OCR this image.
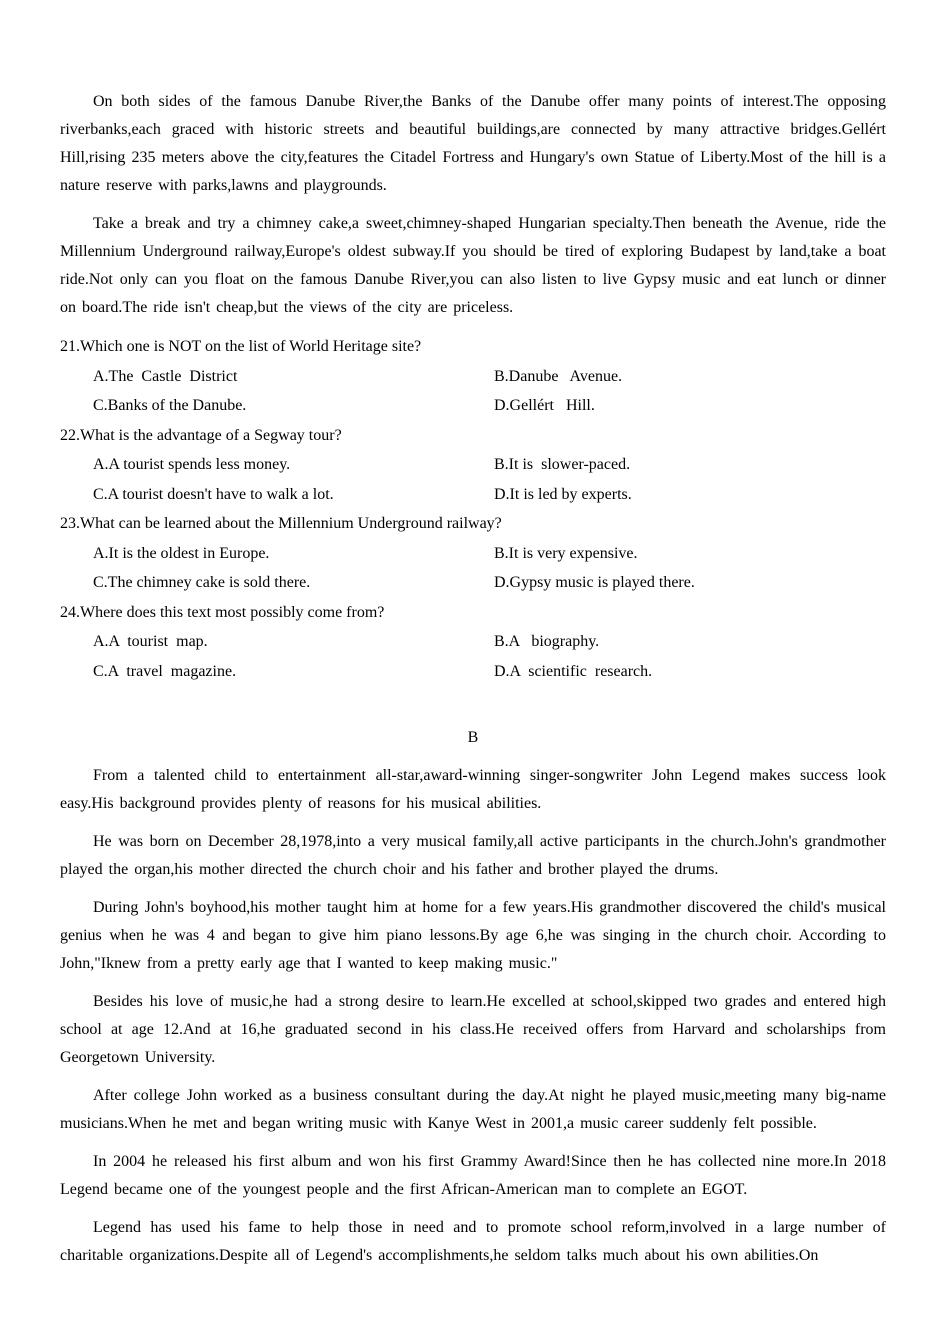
On both sides of the famous Danube River,the Banks of the Danube offer many points of interest.The opposing riverbanks,each graced with historic streets and beautiful buildings,are connected by many attractive bridges.Gellért Hill,rising 235 meters above the city,features the Citadel Fortress and Hungary's own Statue of Liberty.Most of the hill is a nature reserve with parks,lawns and playgrounds.

Take a break and try a chimney cake,a sweet,chimney-shaped Hungarian specialty.Then beneath the Avenue, ride the Millennium Underground railway,Europe's oldest subway.If you should be tired of exploring Budapest by land,take a boat ride.Not only can you float on the famous Danube River,you can also listen to live Gypsy music and eat lunch or dinner on board.The ride isn't cheap,but the views of the city are priceless.

21.Which one is NOT on the list of World Heritage site?
A.The  Castle  District	B.Danube   Avenue.
C.Banks of the Danube.	D.Gellért   Hill.
22.What is the advantage of a Segway tour?
A.A tourist spends less money.	B.It is  slower-paced.
C.A tourist doesn't have to walk a lot.	D.It is led by experts.
23.What can be learned about the Millennium Underground railway?
A.It is the oldest in Europe.	B.It is very expensive.
C.The chimney cake is sold there.	D.Gypsy music is played there.
24.Where does this text most possibly come from?
A.A  tourist  map.	B.A   biography.
C.A  travel  magazine.	D.A  scientific  research.
B

From a talented child to entertainment all-star,award-winning singer-songwriter John Legend makes success look easy.His background provides plenty of reasons for his musical abilities.

He was born on December 28,1978,into a very musical family,all active participants in the church.John's grandmother played the organ,his mother directed the church choir and his father and brother played the drums.

During John's boyhood,his mother taught him at home for a few years.His grandmother discovered the child's musical genius when he was 4 and began to give him piano lessons.By age 6,he was singing in the church choir. According to John,"Iknew from a pretty early age that I wanted to keep making music."

Besides his love of music,he had a strong desire to learn.He excelled at school,skipped two grades and entered high school at age 12.And at 16,he graduated second in his class.He received offers from Harvard and scholarships from Georgetown University.

After college John worked as a business consultant during the day.At night he played music,meeting many big-name musicians.When he met and began writing music with Kanye West in 2001,a music career suddenly felt possible.

In 2004 he released his first album and won his first Grammy Award!Since then he has collected nine more.In 2018 Legend became one of the youngest people and the first African-American man to complete an EGOT.

Legend has used his fame to help those in need and to promote school reform,involved in a large number of charitable organizations.Despite all of Legend's accomplishments,he seldom talks much about his own abilities.On
